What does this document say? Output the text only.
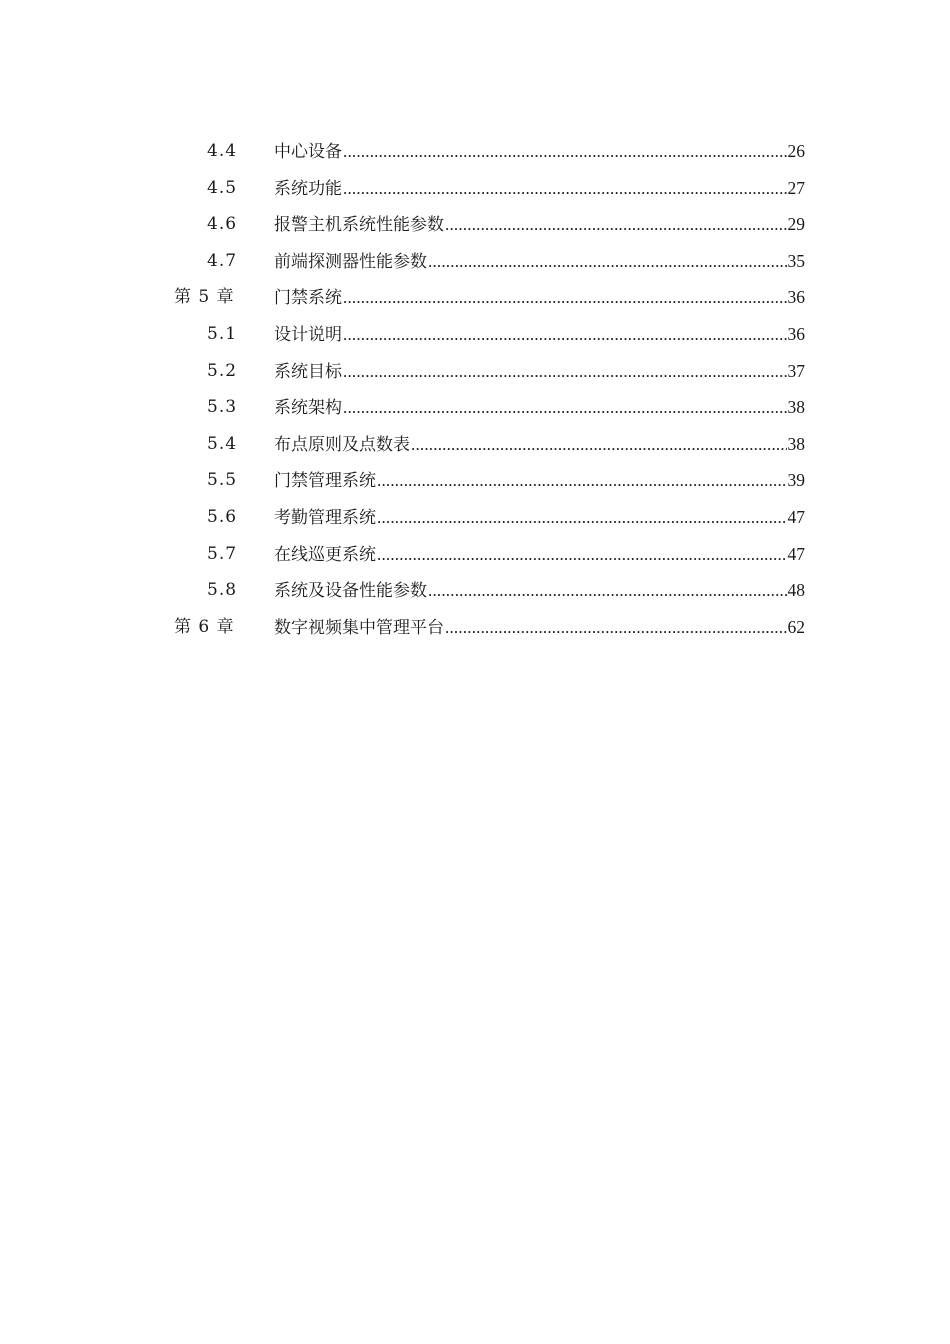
4.4 中心设备 .....	26
4.5 系统功能 .....	27
4.6 报警主机系统性能参数 .....	29
4.7 前端探测器性能参数 .....	35
第 5 章 门禁系统 .....	36
5.1 设计说明 .....	36
5.2 系统目标 .....	37
5.3 系统架构 .....	38
5.4 布点原则及点数表 .....	38
5.5 门禁管理系统 .....	39
5.6 考勤管理系统 .....	47
5.7 在线巡更系统 .....	47
5.8 系统及设备性能参数 .....	48
第 6 章 数字视频集中管理平台 .....	62
